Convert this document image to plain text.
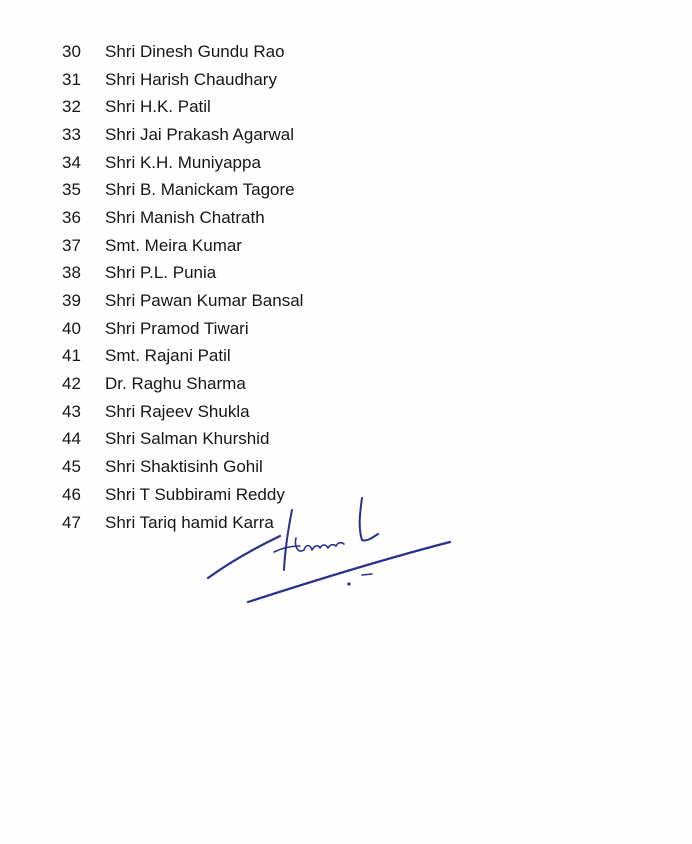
30	Shri Dinesh Gundu Rao
31	Shri Harish Chaudhary
32	Shri H.K. Patil
33	Shri Jai Prakash Agarwal
34	Shri K.H. Muniyappa
35	Shri B. Manickam Tagore
36	Shri Manish Chatrath
37	Smt. Meira Kumar
38	Shri P.L. Punia
39	Shri Pawan Kumar Bansal
40	Shri Pramod Tiwari
41	Smt. Rajani Patil
42	Dr. Raghu Sharma
43	Shri Rajeev Shukla
44	Shri Salman Khurshid
45	Shri Shaktisinh Gohil
46	Shri T Subbirami Reddy
47	Shri Tariq hamid Karra
